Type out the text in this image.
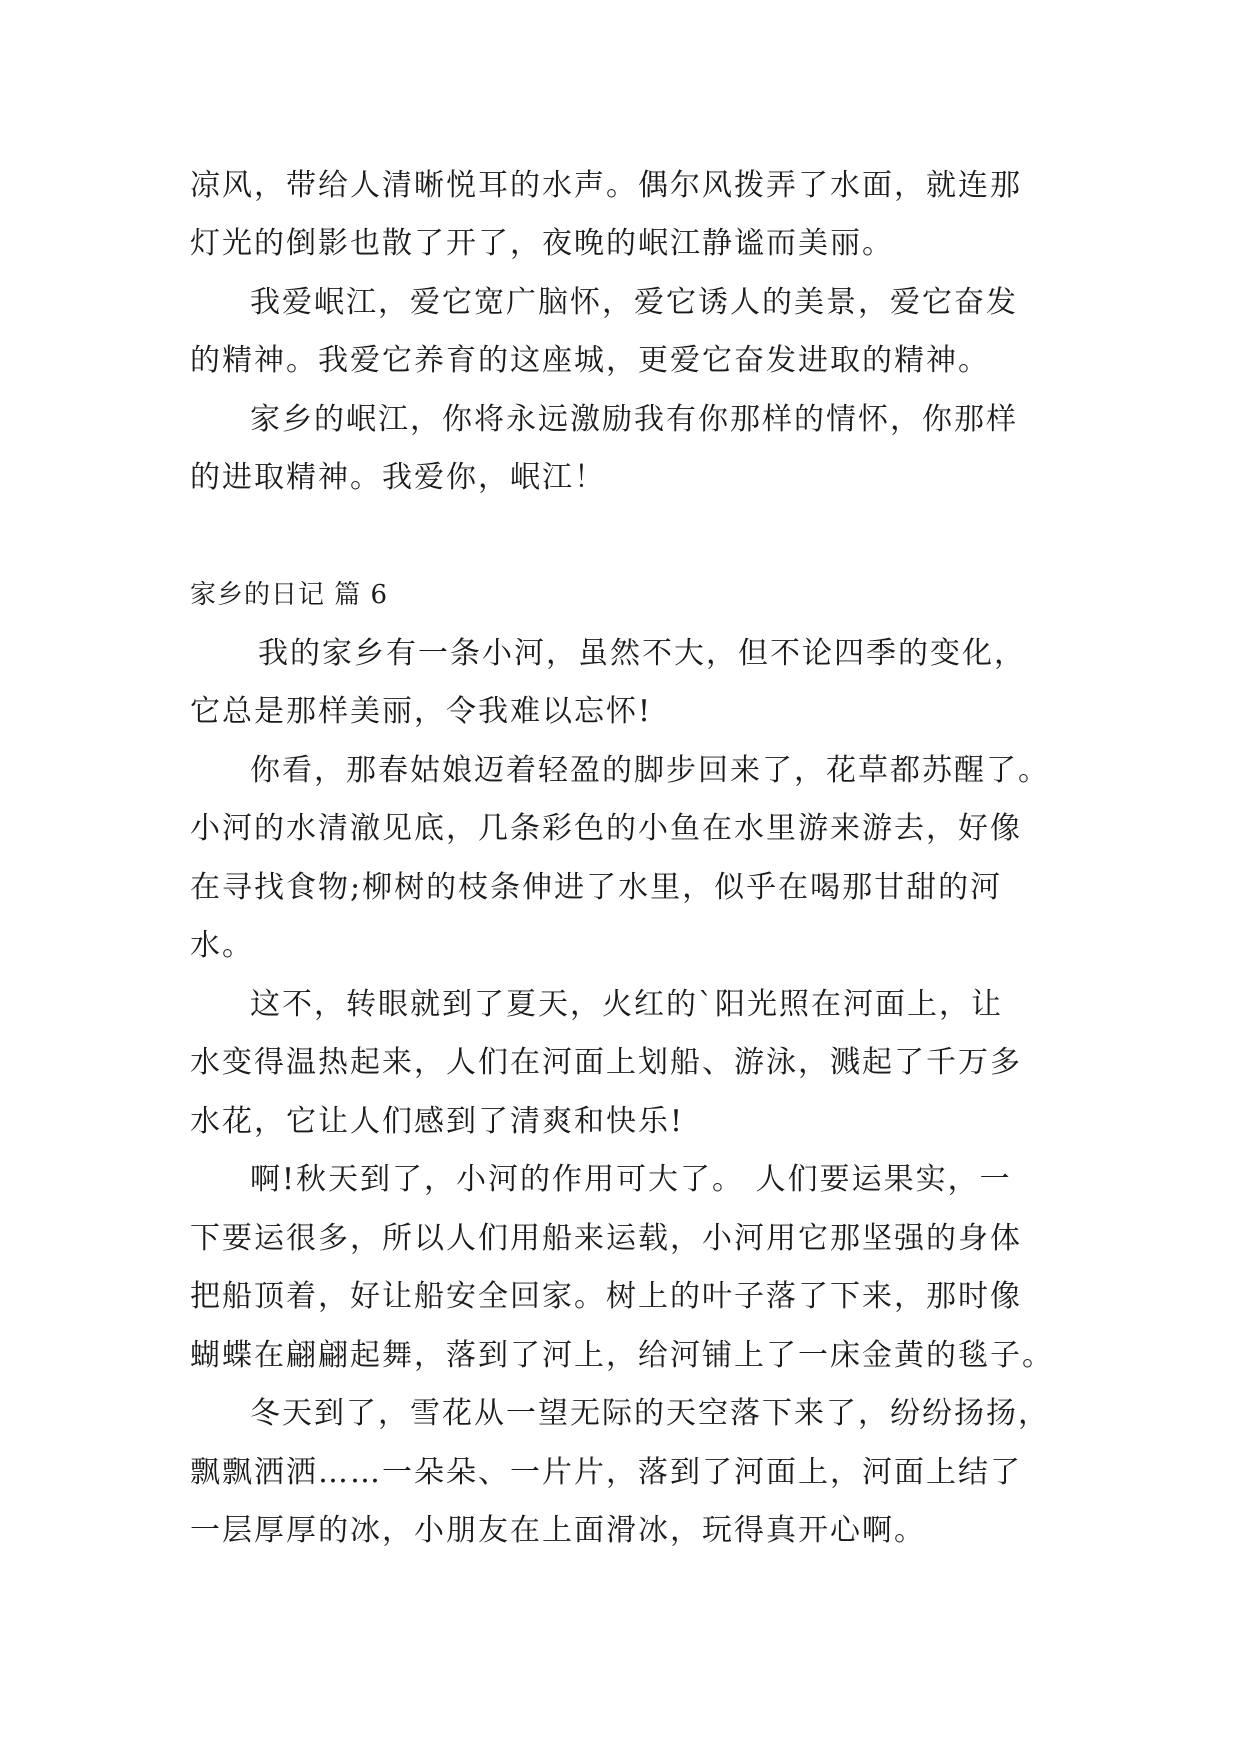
凉风，带给人清晰悦耳的水声。偶尔风拨弄了水面，就连那
灯光的倒影也散了开了，夜晚的岷江静谧而美丽。
我爱岷江，爱它宽广脑怀，爱它诱人的美景，爱它奋发
的精神。我爱它养育的这座城，更爱它奋发进取的精神。
家乡的岷江，你将永远激励我有你那样的情怀，你那样
的进取精神。我爱你，岷江！
家乡的日记 篇 6
我的家乡有一条小河，虽然不大，但不论四季的变化，
它总是那样美丽，令我难以忘怀!
你看，那春姑娘迈着轻盈的脚步回来了，花草都苏醒了。
小河的水清澈见底，几条彩色的小鱼在水里游来游去，好像
在寻找食物;柳树的枝条伸进了水里，似乎在喝那甘甜的河
水。
这不，转眼就到了夏天，火红的`阳光照在河面上，让
水变得温热起来，人们在河面上划船、游泳，溅起了千万多
水花，它让人们感到了清爽和快乐!
啊!秋天到了，小河的作用可大了。 人们要运果实，一
下要运很多，所以人们用船来运载，小河用它那坚强的身体
把船顶着，好让船安全回家。树上的叶子落了下来，那时像
蝴蝶在翩翩起舞，落到了河上，给河铺上了一床金黄的毯子。
冬天到了，雪花从一望无际的天空落下来了，纷纷扬扬，
飘飘洒洒……一朵朵、一片片，落到了河面上，河面上结了
一层厚厚的冰，小朋友在上面滑冰，玩得真开心啊。
